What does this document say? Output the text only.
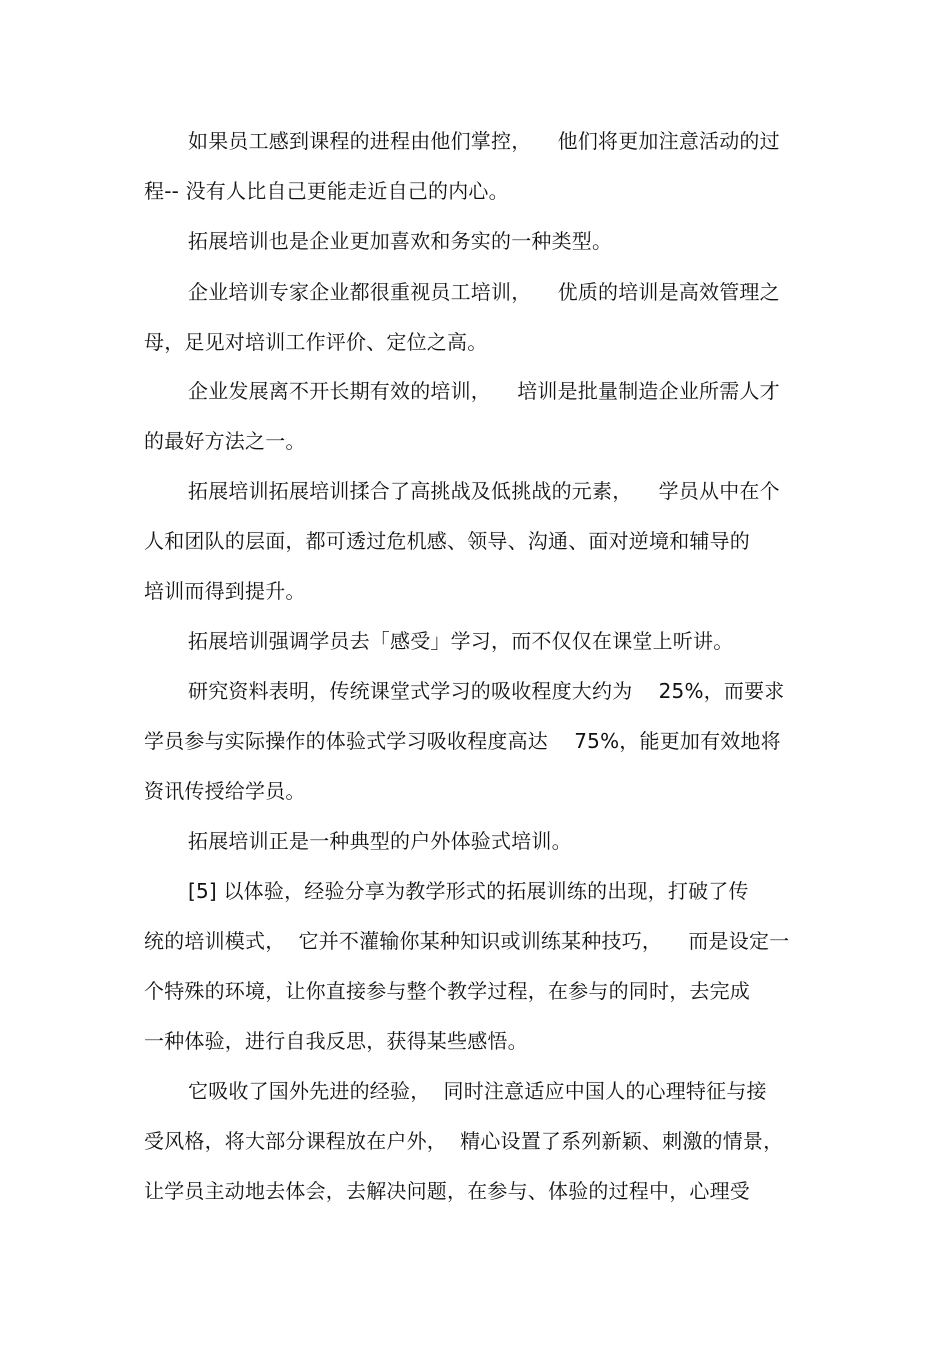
如果员工感到课程的进程由他们掌控，    他们将更加注意活动的过
程-- 没有人比自己更能走近自己的内心。
拓展培训也是企业更加喜欢和务实的一种类型。
企业培训专家企业都很重视员工培训，    优质的培训是高效管理之
母，足见对培训工作评价、定位之高。
企业发展离不开长期有效的培训，    培训是批量制造企业所需人才
的最好方法之一。
拓展培训拓展培训揉合了高挑战及低挑战的元素，    学员从中在个
人和团队的层面，都可透过危机感、领导、沟通、面对逆境和辅导的
培训而得到提升。
拓展培训强调学员去「感受」学习，而不仅仅在课堂上听讲。
研究资料表明，传统课堂式学习的吸收程度大约为    25%，而要求
学员参与实际操作的体验式学习吸收程度高达    75%，能更加有效地将
资讯传授给学员。
拓展培训正是一种典型的户外体验式培训。
[5] 以体验，经验分享为教学形式的拓展训练的出现，打破了传
统的培训模式，  它并不灌输你某种知识或训练某种技巧，    而是设定一
个特殊的环境，让你直接参与整个教学过程，在参与的同时，去完成
一种体验，进行自我反思，获得某些感悟。
它吸收了国外先进的经验，  同时注意适应中国人的心理特征与接
受风格，将大部分课程放在户外，  精心设置了系列新颖、刺激的情景，
让学员主动地去体会，去解决问题，在参与、体验的过程中，心理受
